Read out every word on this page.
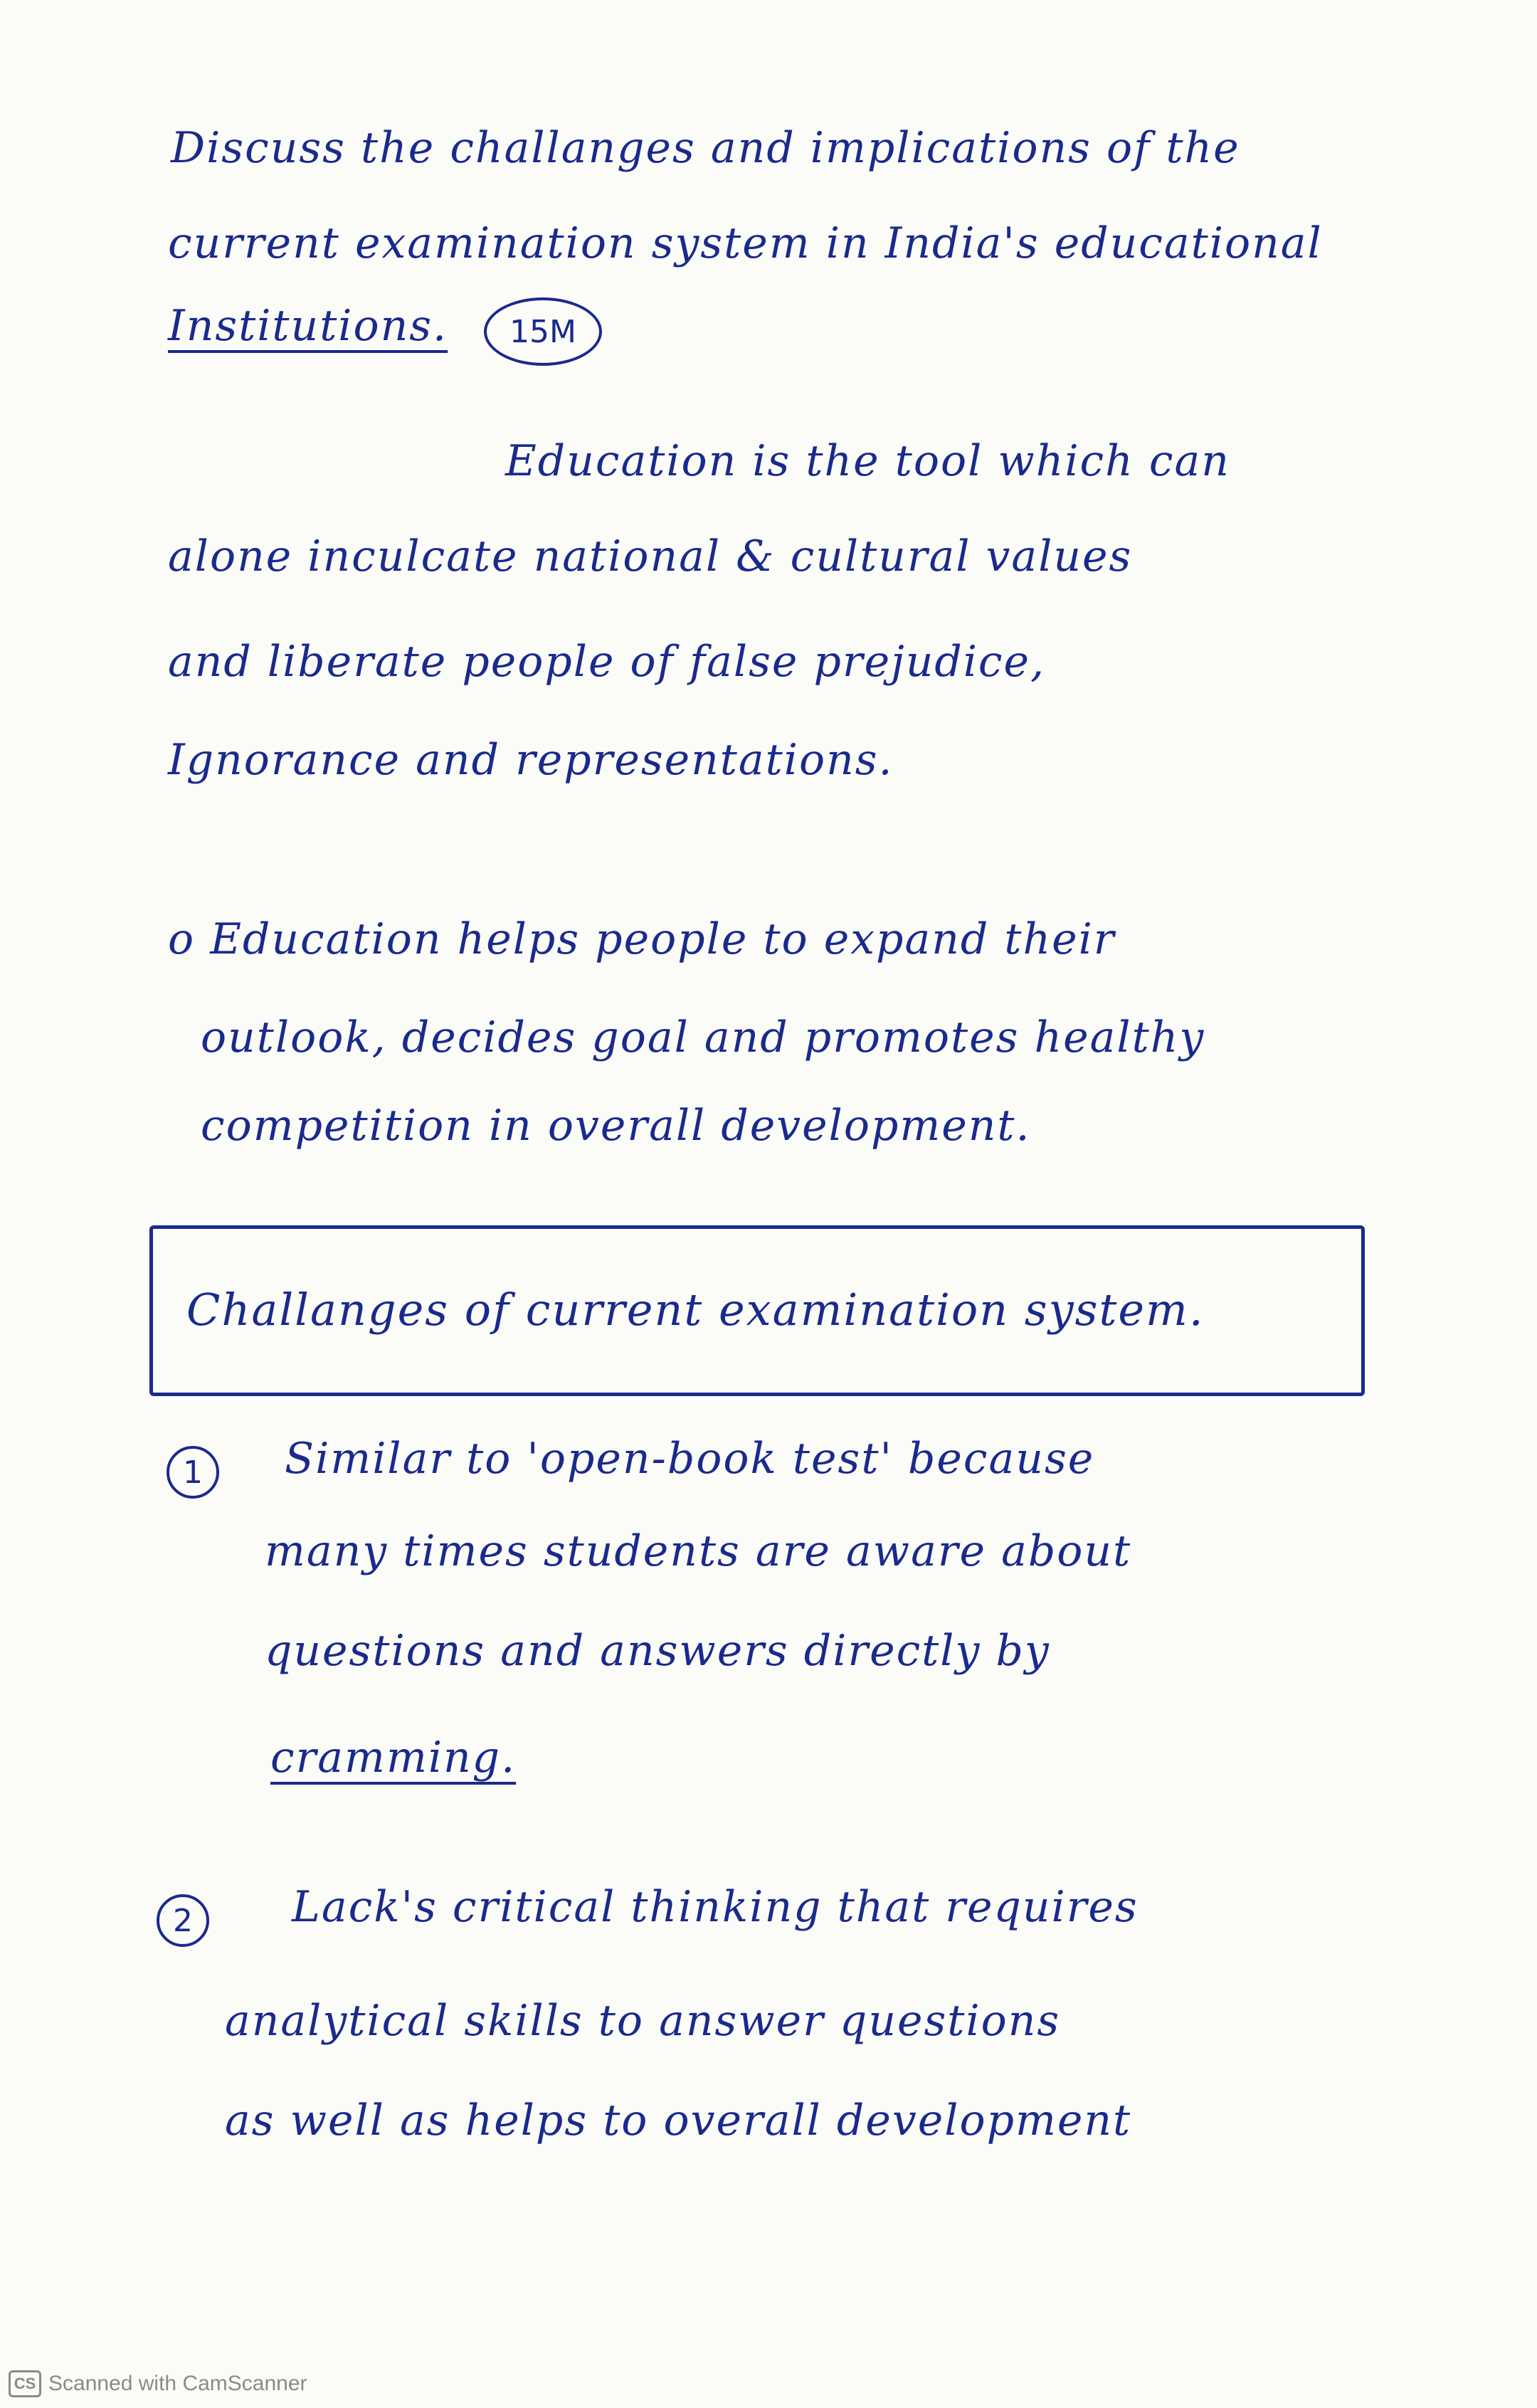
Discuss the challanges and implications of the
current examination system in India's educational
Institutions.	15M
Education is the tool which can
alone inculcate national & cultural values
and liberate people of false prejudice,
Ignorance and representations.
o Education helps people to expand their
outlook, decides goal and promotes healthy
competition in overall development.
Challanges of current examination system.
1	Similar to 'open-book test' because
many times students are aware about
questions and answers directly by
cramming.
2	Lack's critical thinking that requires
analytical skills to answer questions
as well as helps to overall development
CS Scanned with CamScanner
